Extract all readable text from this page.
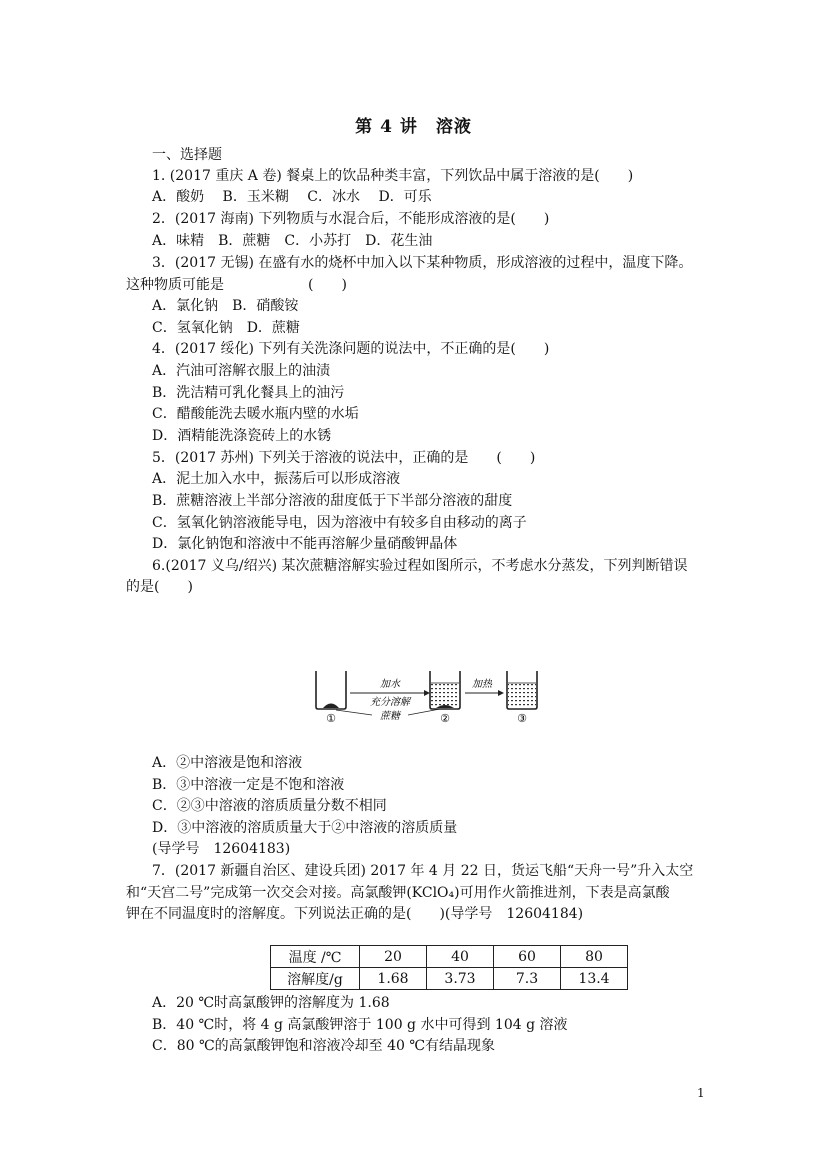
第 4 讲　溶液
一、选择题
1. (2017 重庆 A 卷) 餐桌上的饮品种类丰富，下列饮品中属于溶液的是(　　)
A．酸奶　 B．玉米糊　 C．冰水　 D．可乐
2．(2017 海南) 下列物质与水混合后，不能形成溶液的是(　　)
A．味精　B．蔗糖　C．小苏打　D．花生油
3．(2017 无锡) 在盛有水的烧杯中加入以下某种物质，形成溶液的过程中，温度下降。
这种物质可能是　　　　　　(　　)
A．氯化钠　B．硝酸铵
C．氢氧化钠　D．蔗糖
4．(2017 绥化) 下列有关洗涤问题的说法中，不正确的是(　　)
A．汽油可溶解衣服上的油渍
B．洗洁精可乳化餐具上的油污
C．醋酸能洗去暖水瓶内壁的水垢
D．酒精能洗涤瓷砖上的水锈
5．(2017 苏州) 下列关于溶液的说法中，正确的是　　(　　)
A．泥土加入水中，振荡后可以形成溶液
B．蔗糖溶液上半部分溶液的甜度低于下半部分溶液的甜度
C．氢氧化钠溶液能导电，因为溶液中有较多自由移动的离子
D．氯化钠饱和溶液中不能再溶解少量硝酸钾晶体
6.(2017 义乌/绍兴) 某次蔗糖溶解实验过程如图所示，不考虑水分蒸发，下列判断错误
的是(　　)
①
加水
充分溶解
蔗糖	②
加热
③
A．②中溶液是饱和溶液
B．③中溶液一定是不饱和溶液
C．②③中溶液的溶质质量分数不相同
D．③中溶液的溶质质量大于②中溶液的溶质质量
(导学号　12604183)
7．(2017 新疆自治区、建设兵团) 2017 年 4 月 22 日，货运飞船“天舟一号”升入太空
和“天宫二号”完成第一次交会对接。高氯酸钾(KClO₄)可用作火箭推进剂，下表是高氯酸
钾在不同温度时的溶解度。下列说法正确的是(　　)(导学号　12604184)
温度 /℃	20	40	60	80
溶解度/g	1.68	3.73	7.3	13.4
A．20 ℃时高氯酸钾的溶解度为 1.68
B．40 ℃时，将 4 g 高氯酸钾溶于 100 g 水中可得到 104 g 溶液
C．80 ℃的高氯酸钾饱和溶液冷却至 40 ℃有结晶现象
1
